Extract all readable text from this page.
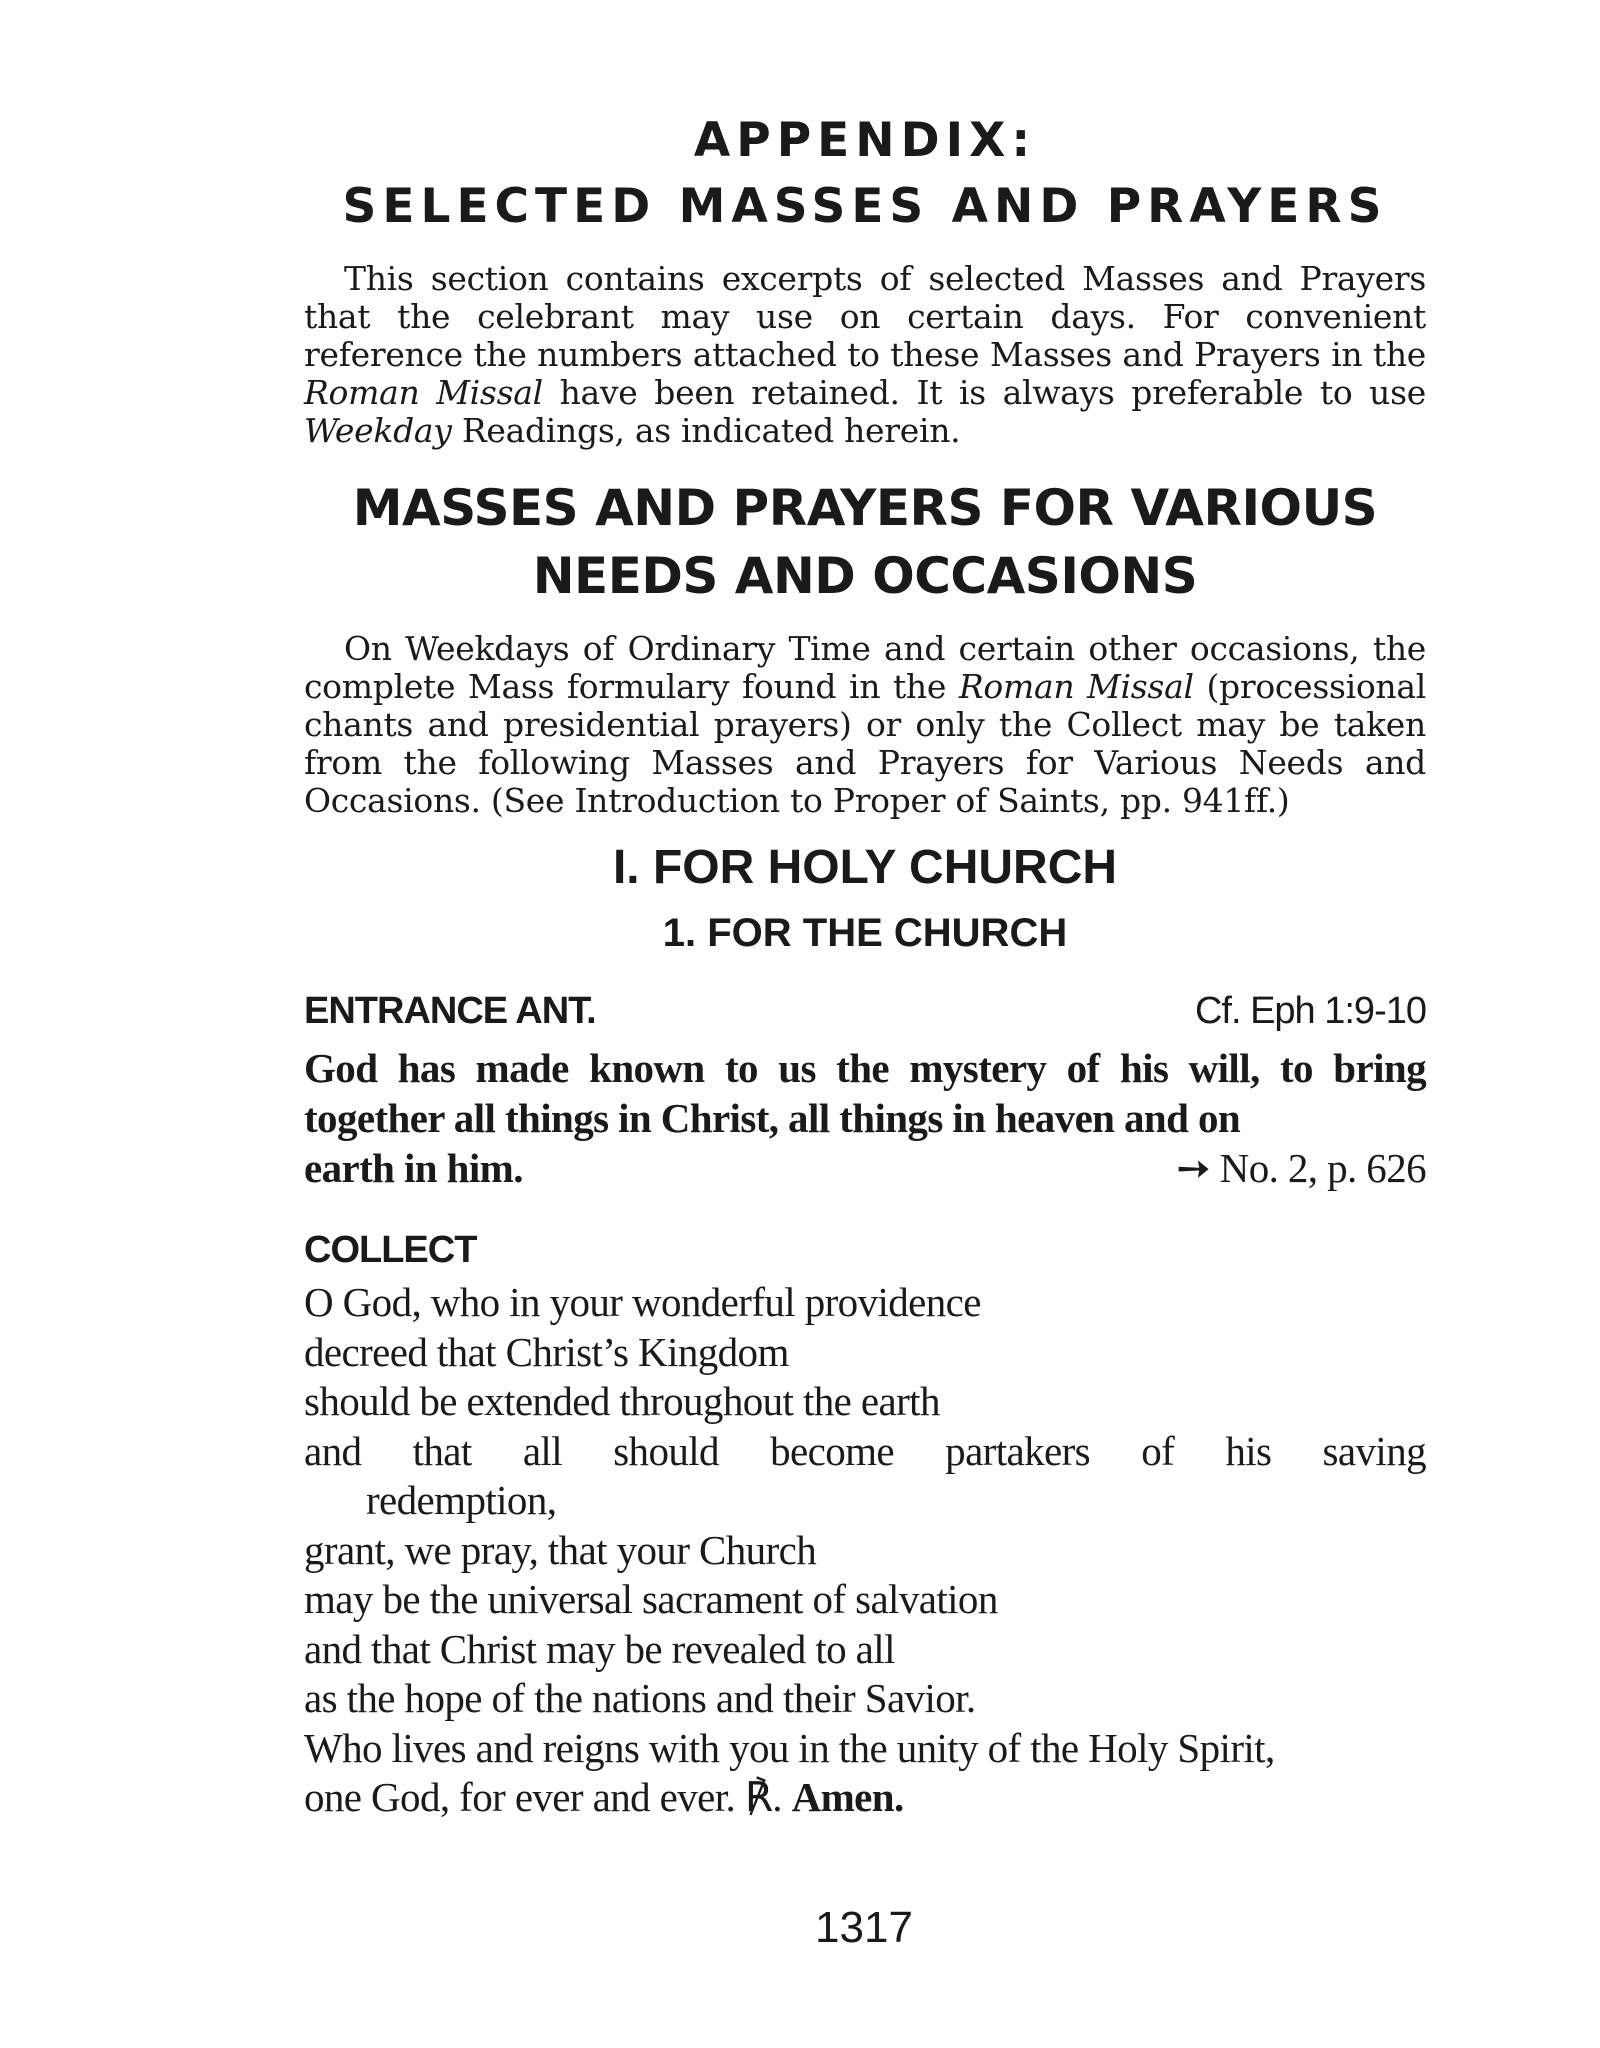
APPENDIX:
SELECTED MASSES AND PRAYERS

This section contains excerpts of selected Masses and Prayers that the celebrant may use on certain days. For convenient reference the numbers attached to these Masses and Prayers in the Roman Missal have been retained. It is always preferable to use Weekday Readings, as indicated herein.

MASSES AND PRAYERS FOR VARIOUS
NEEDS AND OCCASIONS

On Weekdays of Ordinary Time and certain other occasions, the complete Mass formulary found in the Roman Missal (processional chants and presidential prayers) or only the Collect may be taken from the following Masses and Prayers for Various Needs and Occasions. (See Introduction to Proper of Saints, pp. 941ff.)

I. FOR HOLY CHURCH
1. FOR THE CHURCH
ENTRANCE ANT.	Cf. Eph 1:9-10
God has made known to us the mystery of his will, to bring together all things in Christ, all things in heaven and on
earth in him.	➙ No. 2, p. 626
COLLECT
O God, who in your wonderful providence
decreed that Christ’s Kingdom
should be extended throughout the earth
and that all should become partakers of his saving
redemption,
grant, we pray, that your Church
may be the universal sacrament of salvation
and that Christ may be revealed to all
as the hope of the nations and their Savior.
Who lives and reigns with you in the unity of the Holy Spirit,
one God, for ever and ever. ℟. Amen.
1317
